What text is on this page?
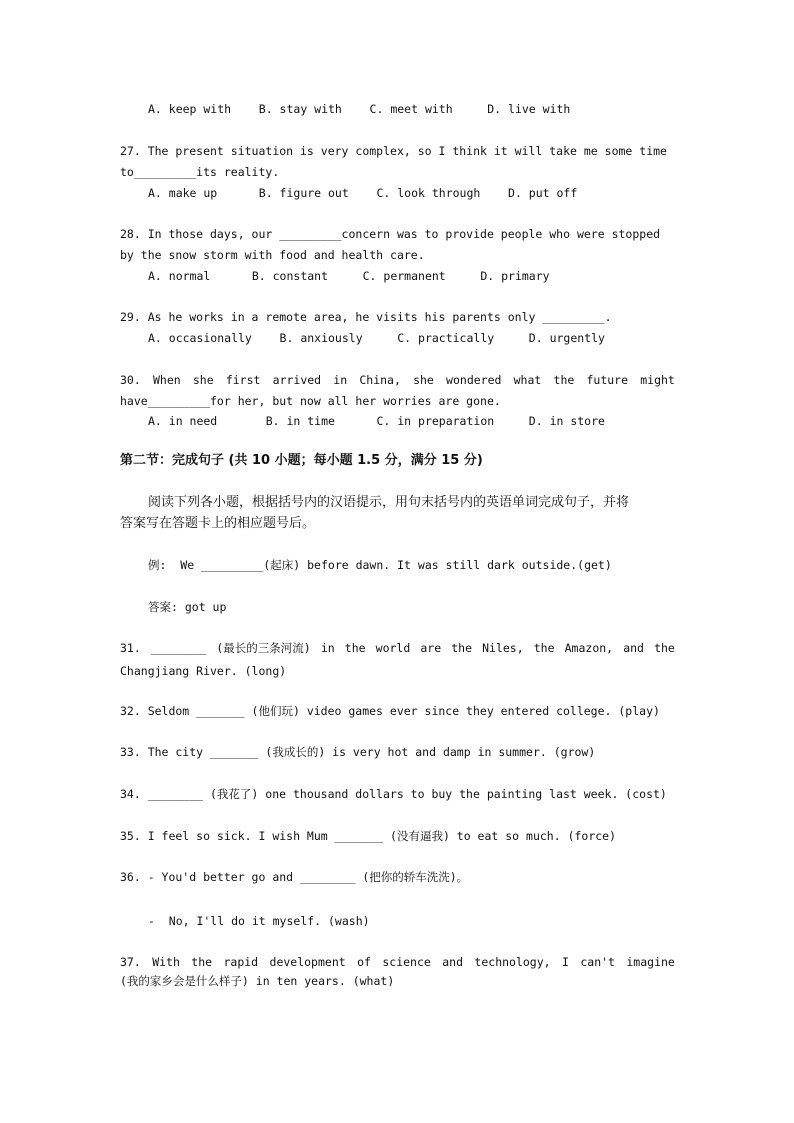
A. keep with    B. stay with    C. meet with     D. live with
27. The present situation is very complex, so I think it will take me some time
to_________its reality.
A. make up      B. figure out    C. look through    D. put off
28. In those days, our _________concern was to provide people who were stopped
by the snow storm with food and health care.
A. normal      B. constant     C. permanent     D. primary
29. As he works in a remote area, he visits his parents only _________.
A. occasionally    B. anxiously     C. practically     D. urgently
30. When she first arrived in China, she wondered what the future might
have_________for her, but now all her worries are gone.
A. in need       B. in time      C. in preparation     D. in store
第二节：完成句子 (共 10 小题；每小题 1.5 分，满分 15 分)
阅读下列各小题，根据括号内的汉语提示，用句末括号内的英语单词完成句子，并将
答案写在答题卡上的相应题号后。
例:  We _________(起床) before dawn. It was still dark outside.(get)
答案: got up
31. ________ (最长的三条河流) in the world are the Niles, the Amazon, and the
Changjiang River. (long)
32. Seldom _______ (他们玩) video games ever since they entered college. (play)
33. The city _______ (我成长的) is very hot and damp in summer. (grow)
34. ________ (我花了) one thousand dollars to buy the painting last week. (cost)
35. I feel so sick. I wish Mum _______ (没有逼我) to eat so much. (force)
36. - You'd better go and ________ (把你的轿车洗洗)。
-  No, I'll do it myself. (wash)
37. With the rapid development of science and technology, I can't imagine
(我的家乡会是什么样子) in ten years. (what)
